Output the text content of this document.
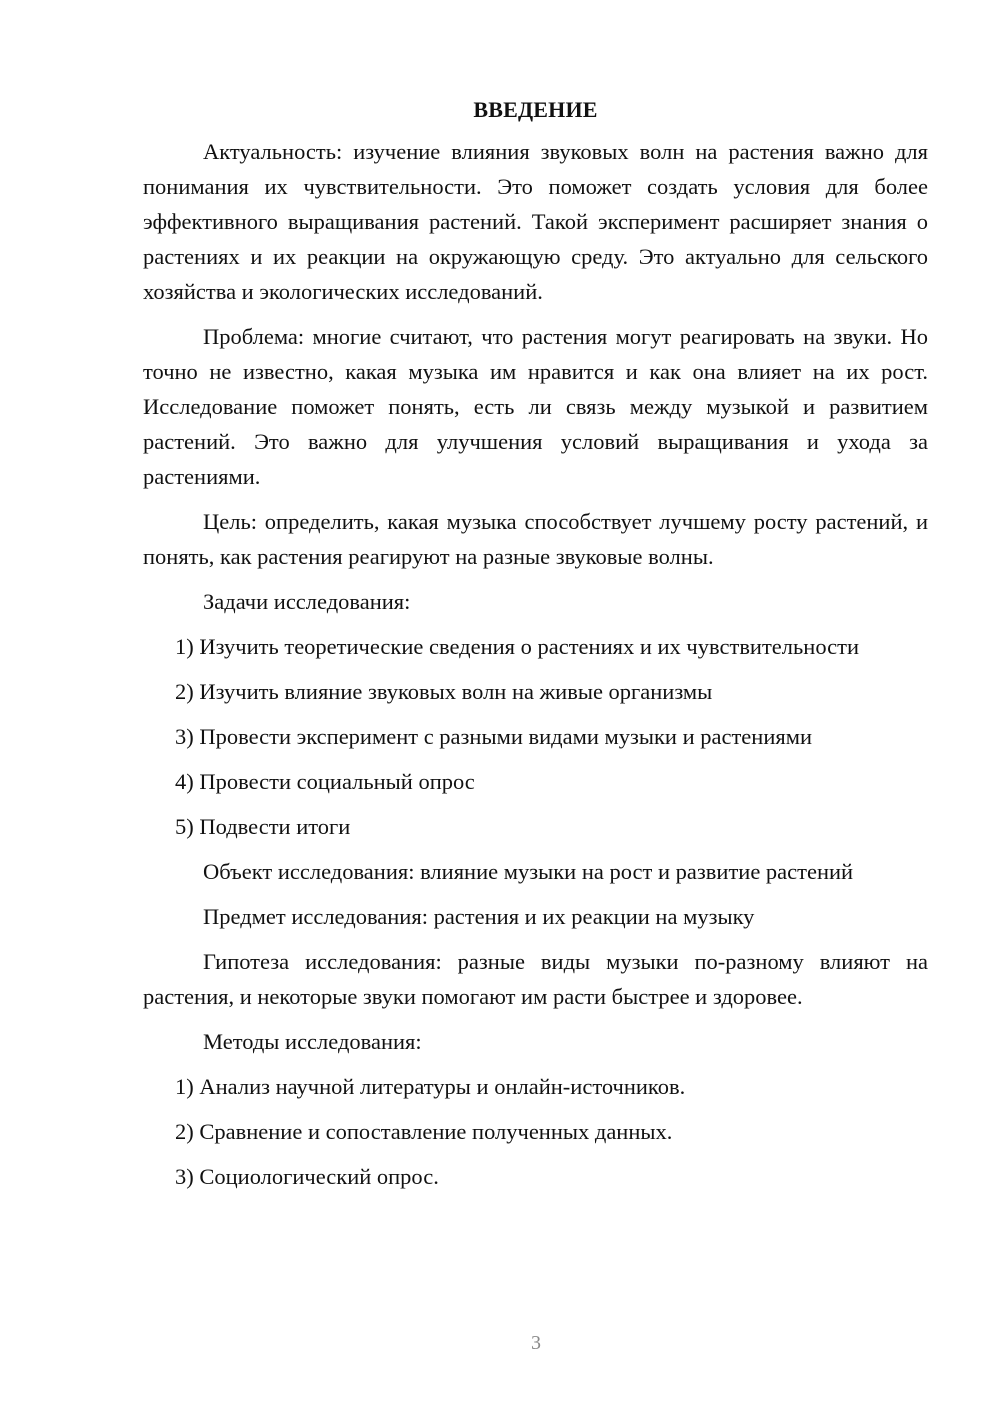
ВВЕДЕНИЕ

Актуальность: изучение влияния звуковых волн на растения важно для понимания их чувствительности. Это поможет создать условия для более эффективного выращивания растений. Такой эксперимент расширяет знания о растениях и их реакции на окружающую среду. Это актуально для сельского хозяйства и экологических исследований.

Проблема: многие считают, что растения могут реагировать на звуки. Но точно не известно, какая музыка им нравится и как она влияет на их рост. Исследование поможет понять, есть ли связь между музыкой и развитием растений. Это важно для улучшения условий выращивания и ухода за растениями.

Цель: определить, какая музыка способствует лучшему росту растений, и понять, как растения реагируют на разные звуковые волны.

Задачи исследования:

1) Изучить теоретические сведения о растениях и их чувствительности
2) Изучить влияние звуковых волн на живые организмы
3) Провести эксперимент с разными видами музыки и растениями
4) Провести социальный опрос
5) Подвести итоги

Объект исследования: влияние музыки на рост и развитие растений

Предмет исследования: растения и их реакции на музыку

Гипотеза исследования: разные виды музыки по-разному влияют на растения, и некоторые звуки помогают им расти быстрее и здоровее.

Методы исследования:

1) Анализ научной литературы и онлайн-источников.
2) Сравнение и сопоставление полученных данных.
3) Социологический опрос.
3
